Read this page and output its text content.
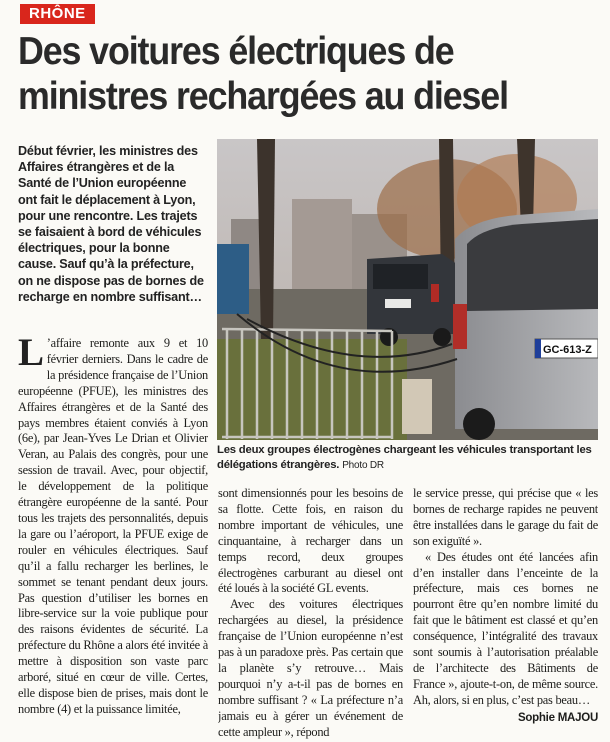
RHÔNE
Des voitures électriques de ministres rechargées au diesel

Début février, les ministres des Affaires étrangères et de la Santé de l’Union européenne ont fait le déplacement à Lyon, pour une rencontre. Les trajets se faisaient à bord de véhicules électriques, pour la bonne cause. Sauf qu’à la préfecture, on ne dispose pas de bornes de recharge en nombre suffisant…

GC-613-Z

Les deux groupes électrogènes chargeant les véhicules transportant les délégations étrangères. Photo DR

L ’affaire remonte aux 9 et 10 février derniers. Dans le cadre de la présidence française de l’Union européenne (PFUE), les ministres des Affaires étrangères et de la Santé des pays membres étaient conviés à Lyon (6e), par Jean-Yves Le Drian et Olivier Veran, au Palais des congrès, pour une session de travail. Avec, pour objectif, le développement de la politique étrangère européenne de la santé. Pour tous les trajets des personnalités, depuis la gare ou l’aéroport, la PFUE exige de rouler en véhicules électriques. Sauf qu’il a fallu recharger les berlines, le sommet se tenant pendant deux jours. Pas question d’utiliser les bornes en libre-service sur la voie publique pour des raisons évidentes de sécurité. La préfecture du Rhône a alors été invitée à mettre à disposition son vaste parc arboré, situé en cœur de ville. Certes, elle dispose bien de prises, mais dont le nombre (4) et la puissance limitée,

sont dimensionnés pour les besoins de sa flotte. Cette fois, en raison du nombre important de véhicules, une cinquantaine, à recharger dans un temps record, deux groupes électrogènes carburant au diesel ont été loués à la société GL events.

Avec des voitures électriques rechargées au diesel, la présidence française de l’Union européenne n’est pas à un paradoxe près. Pas certain que la planète s’y retrouve… Mais pourquoi n’y a-t-il pas de bornes en nombre suffisant ? « La préfecture n’a jamais eu à gérer un événement de cette ampleur », répond

le service presse, qui précise que « les bornes de recharge rapides ne peuvent être installées dans le garage du fait de son exiguïté ».

« Des études ont été lancées afin d’en installer dans l’enceinte de la préfecture, mais ces bornes ne pourront être qu’en nombre limité du fait que le bâtiment est classé et qu’en conséquence, l’intégralité des travaux sont soumis à l’autorisation préalable de l’architecte des Bâtiments de France », ajoute-t-on, de même source. Ah, alors, si en plus, c’est pas beau…

Sophie MAJOU
